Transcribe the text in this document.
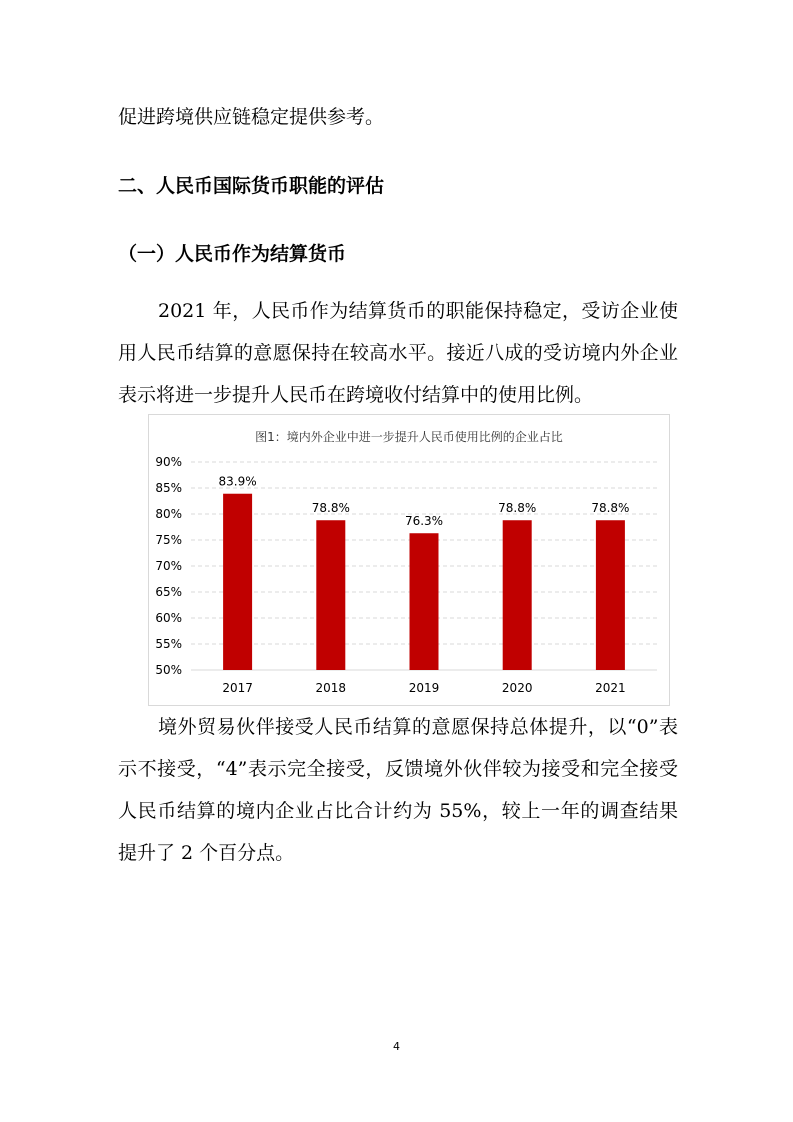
促进跨境供应链稳定提供参考。

二、人民币国际货币职能的评估
（一）人民币作为结算货币

2021 年，人民币作为结算货币的职能保持稳定，受访企业使用人民币结算的意愿保持在较高水平。接近八成的受访境内外企业表示将进一步提升人民币在跨境收付结算中的使用比例。

图1：境内外企业中进一步提升人民币使用比例的企业占比
50%
55%
60%
65%
70%
75%
80%
85%
90%
83.9%
78.8%
76.3%
78.8%	78.8%
2017	2018	2019	2020	2021

境外贸易伙伴接受人民币结算的意愿保持总体提升，以“0”表示不接受，“4”表示完全接受，反馈境外伙伴较为接受和完全接受人民币结算的境内企业占比合计约为 55%，较上一年的调查结果提升了 2 个百分点。

4
